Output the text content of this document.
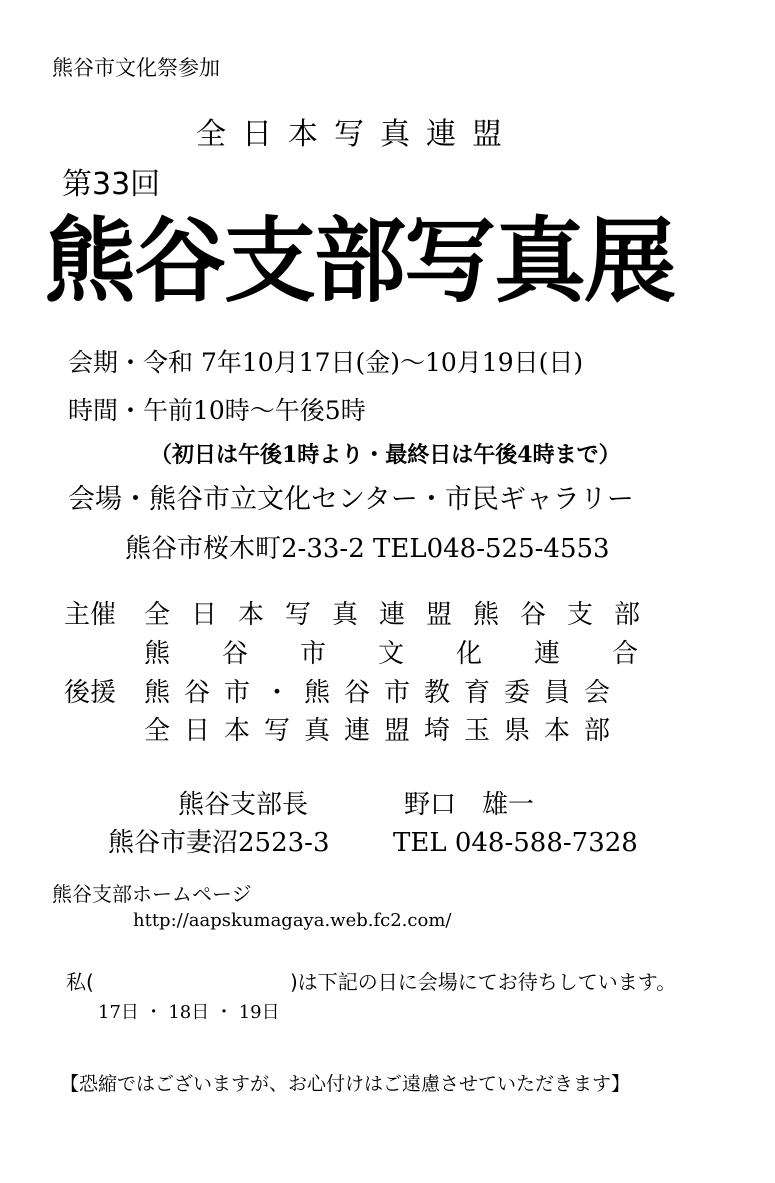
熊谷市文化祭参加
全日本写真連盟
第33回
熊谷支部写真展
会期・令和 7年10月17日(金)〜10月19日(日)
時間・午前10時〜午後5時
（初日は午後1時より・最終日は午後4時まで）
会場・熊谷市立文化センター・市民ギャラリー
熊谷市桜木町2-33-2 TEL048-525-4553
主催 全日本写真連盟熊谷支部
熊谷市文化連合
後援 熊谷市・熊谷市教育委員会
全日本写真連盟埼玉県本部
熊谷支部長	野口　雄一
熊谷市妻沼2523-3 TEL 048-588-7328
熊谷支部ホームページ
http://aapskumagaya.web.fc2.com/
私(	)は下記の日に会場にてお待ちしています。
17日 ・ 18日 ・ 19日
【恐縮ではございますが、お心付けはご遠慮させていただきます】
